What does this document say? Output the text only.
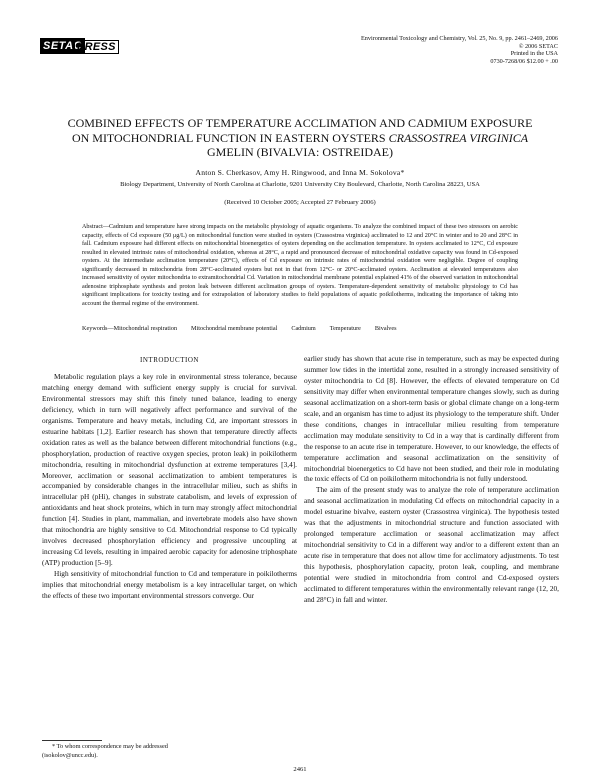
SETAC
PRESS
Environmental Toxicology and Chemistry, Vol. 25, No. 9, pp. 2461–2469, 2006
© 2006 SETAC
Printed in the USA
0730-7268/06 $12.00 + .00
COMBINED EFFECTS OF TEMPERATURE ACCLIMATION AND CADMIUM EXPOSURE
ON MITOCHONDRIAL FUNCTION IN EASTERN OYSTERS CRASSOSTREA VIRGINICA
GMELIN (BIVALVIA: OSTREIDAE)
Anton S. Cherkasov, Amy H. Ringwood, and Inna M. Sokolova*
Biology Department, University of North Carolina at Charlotte, 9201 University City Boulevard, Charlotte, North Carolina 28223, USA
(Received 10 October 2005; Accepted 27 February 2006)
Abstract—Cadmium and temperature have strong impacts on the metabolic physiology of aquatic organisms. To analyze the combined impact of these two stressors on aerobic capacity, effects of Cd exposure (50 μg/L) on mitochondrial function were studied in oysters (Crassostrea virginica) acclimated to 12 and 20°C in winter and to 20 and 28°C in fall. Cadmium exposure had different effects on mitochondrial bioenergetics of oysters depending on the acclimation temperature. In oysters acclimated to 12°C, Cd exposure resulted in elevated intrinsic rates of mitochondrial oxidation, whereas at 28°C, a rapid and pronounced decrease of mitochondrial oxidative capacity was found in Cd-exposed oysters. At the intermediate acclimation temperature (20°C), effects of Cd exposure on intrinsic rates of mitochondrial oxidation were negligible. Degree of coupling significantly decreased in mitochondria from 28°C-acclimated oysters but not in that from 12°C- or 20°C-acclimated oysters. Acclimation at elevated temperatures also increased sensitivity of oyster mitochondria to extramitochondrial Cd. Variation in mitochondrial membrane potential explained 41% of the observed variation in mitochondrial adenosine triphosphate synthesis and proton leak between different acclimation groups of oysters. Temperature-dependent sensitivity of metabolic physiology to Cd has significant implications for toxicity testing and for extrapolation of laboratory studies to field populations of aquatic poikilotherms, indicating the importance of taking into account the thermal regime of the environment.
Keywords—Mitochondrial respiration Mitochondrial membrane potential Cadmium Temperature Bivalves

INTRODUCTION

Metabolic regulation plays a key role in environmental stress tolerance, because matching energy demand with sufficient energy supply is crucial for survival. Environmental stressors may shift this finely tuned balance, leading to energy deficiency, which in turn will negatively affect performance and survival of the organisms. Temperature and heavy metals, including Cd, are important stressors in estuarine habitats [1,2]. Earlier research has shown that temperature directly affects oxidation rates as well as the balance between different mitochondrial functions (e.g., phosphorylation, production of reactive oxygen species, proton leak) in poikilotherm mitochondria, resulting in mitochondrial dysfunction at extreme temperatures [3,4]. Moreover, acclimation or seasonal acclimatization to ambient temperatures is accompanied by considerable changes in the intracellular milieu, such as shifts in intracellular pH (pHi), changes in substrate catabolism, and levels of expression of antioxidants and heat shock proteins, which in turn may strongly affect mitochondrial function [4]. Studies in plant, mammalian, and invertebrate models also have shown that mitochondria are highly sensitive to Cd. Mitochondrial response to Cd typically involves decreased phosphorylation efficiency and progressive uncoupling at increasing Cd levels, resulting in impaired aerobic capacity for adenosine triphosphate (ATP) production [5–9].

High sensitivity of mitochondrial function to Cd and temperature in poikilotherms implies that mitochondrial energy metabolism is a key intracellular target, on which the effects of these two important environmental stressors converge. Our

earlier study has shown that acute rise in temperature, such as may be expected during summer low tides in the intertidal zone, resulted in a strongly increased sensitivity of oyster mitochondria to Cd [8]. However, the effects of elevated temperature on Cd sensitivity may differ when environmental temperature changes slowly, such as during seasonal acclimatization on a short-term basis or global climate change on a long-term scale, and an organism has time to adjust its physiology to the temperature shift. Under these conditions, changes in intracellular milieu resulting from temperature acclimation may modulate sensitivity to Cd in a way that is cardinally different from the response to an acute rise in temperature. However, to our knowledge, the effects of temperature acclimation and seasonal acclimatization on the sensitivity of mitochondrial bioenergetics to Cd have not been studied, and their role in modulating the toxic effects of Cd on poikilotherm mitochondria is not fully understood.

The aim of the present study was to analyze the role of temperature acclimation and seasonal acclimatization in modulating Cd effects on mitochondrial capacity in a model estuarine bivalve, eastern oyster (Crassostrea virginica). The hypothesis tested was that the adjustments in mitochondrial structure and function associated with prolonged temperature acclimation or seasonal acclimatization may affect mitochondrial sensitivity to Cd in a different way and/or to a different extent than an acute rise in temperature that does not allow time for acclimatory adjustments. To test this hypothesis, phosphorylation capacity, proton leak, coupling, and membrane potential were studied in mitochondria from control and Cd-exposed oysters acclimated to different temperatures within the environmentally relevant range (12, 20, and 28°C) in fall and winter.

* To whom correspondence may be addressed
(isokolov@uncc.edu).
2461
